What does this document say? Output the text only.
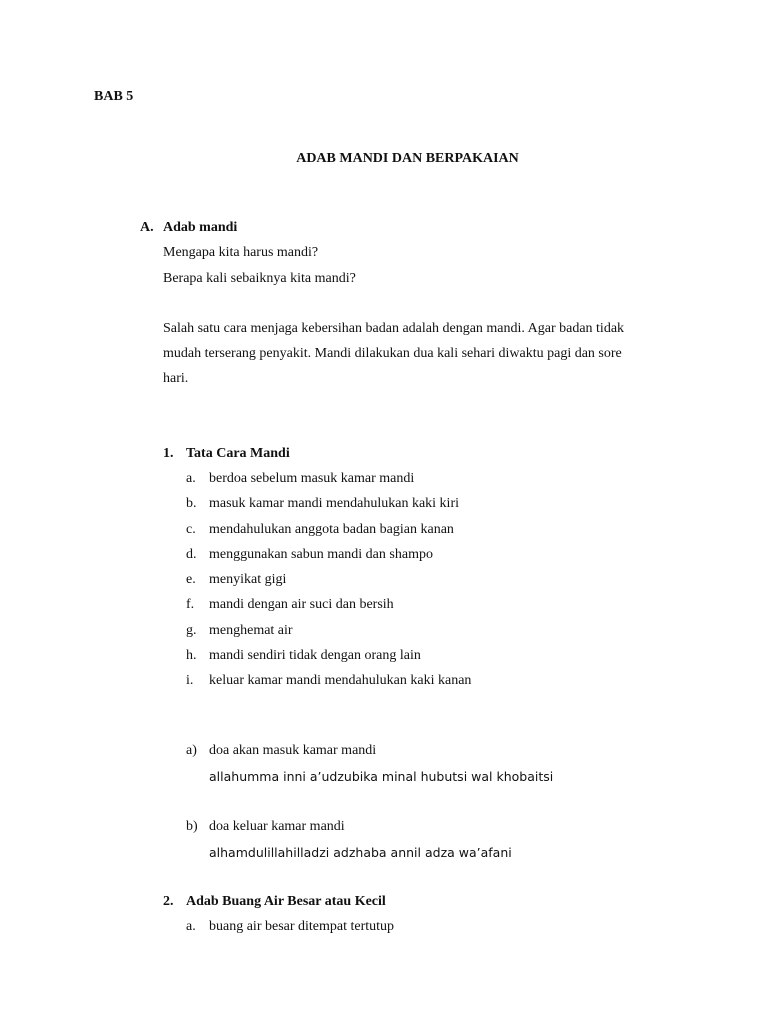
BAB 5
ADAB MANDI DAN BERPAKAIAN
A. Adab mandi
Mengapa kita harus mandi?
Berapa kali sebaiknya kita mandi?
Salah satu cara menjaga kebersihan badan adalah dengan mandi. Agar badan tidak
mudah terserang penyakit. Mandi dilakukan dua kali sehari diwaktu pagi dan sore
hari.
1. Tata Cara Mandi
a. berdoa sebelum masuk kamar mandi
b. masuk kamar mandi mendahulukan kaki kiri
c. mendahulukan anggota badan bagian kanan
d. menggunakan sabun mandi dan shampo
e. menyikat gigi
f. mandi dengan air suci dan bersih
g. menghemat air
h. mandi sendiri tidak dengan orang lain
i. keluar kamar mandi mendahulukan kaki kanan
a) doa akan masuk kamar mandi
allahumma inni a’udzubika minal hubutsi wal khobaitsi
b) doa keluar kamar mandi
alhamdulillahilladzi adzhaba annil adza wa’afani
2. Adab Buang Air Besar atau Kecil
a. buang air besar ditempat tertutup
